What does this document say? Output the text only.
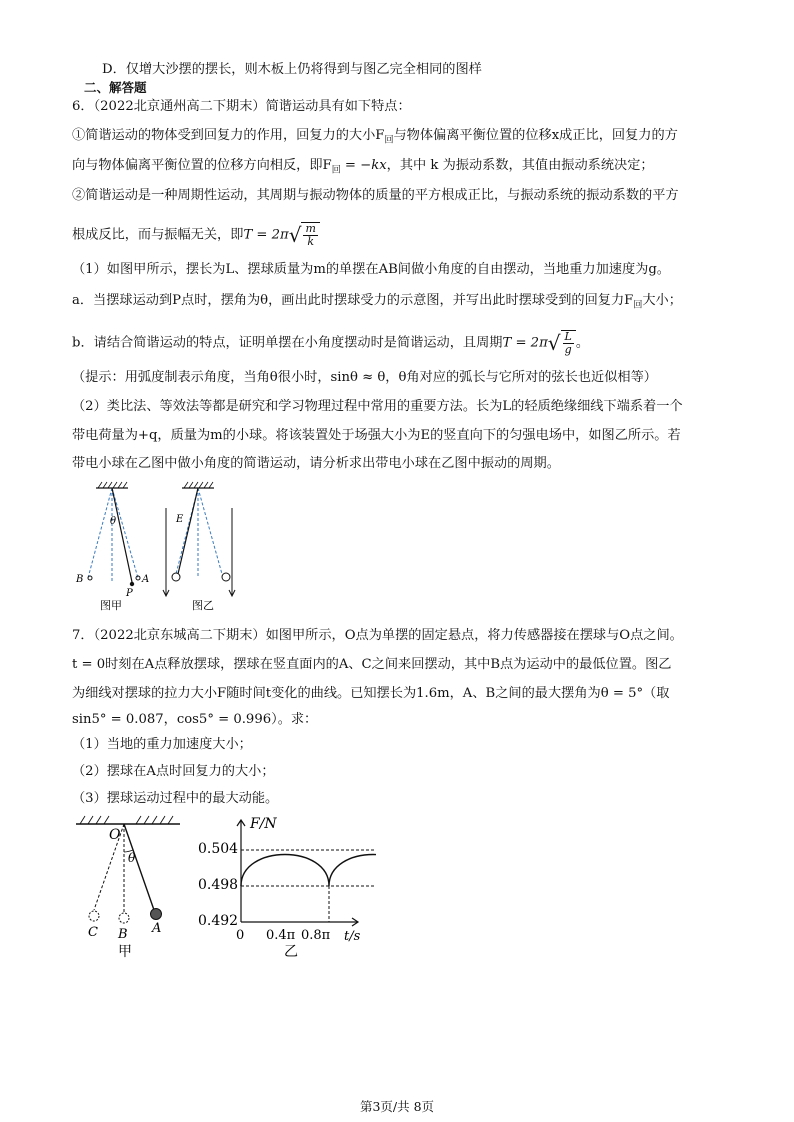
D．仅增大沙摆的摆长，则木板上仍将得到与图乙完全相同的图样
二、解答题
6．（2022北京通州高二下期末）简谐运动具有如下特点：
①简谐运动的物体受到回复力的作用，回复力的大小$F_回$与物体偏离平衡位置的位移x成正比，回复力的方
向与物体偏离平衡位置的位移方向相反，即$F_回 = -kx$，其中 k 为振动系数，其值由振动系统决定；
②简谐运动是一种周期性运动，其周期与振动物体的质量的平方根成正比，与振动系统的振动系数的平方
根成反比，而与振幅无关，即$T = 2\pi√ \frac{m}{k}$
（1）如图甲所示，摆长为L、摆球质量为m的单摆在AB间做小角度的自由摆动，当地重力加速度为g。
a．当摆球运动到P点时，摆角为θ，画出此时摆球受力的示意图，并写出此时摆球受到的回复力$F_回$大小；
b．请结合简谐运动的特点，证明单摆在小角度摆动时是简谐运动，且周期$T = 2\pi√ \frac{L}{g}$ 。
（提示：用弧度制表示角度，当角θ很小时，sinθ ≈ θ，θ角对应的弧长与它所对的弦长也近似相等）
（2）类比法、等效法等都是研究和学习物理过程中常用的重要方法。长为L的轻质绝缘细线下端系着一个
带电荷量为+q，质量为m的小球。将该装置处于场强大小为E的竖直向下的匀强电场中，如图乙所示。若
带电小球在乙图中做小角度的简谐运动，请分析求出带电小球在乙图中振动的周期。
θ
B	A
P
图甲
E
图乙
7．（2022北京东城高二下期末）如图甲所示，O点为单摆的固定悬点，将力传感器接在摆球与O点之间。
t = 0时刻在A点释放摆球，摆球在竖直面内的A、C之间来回摆动，其中B点为运动中的最低位置。图乙
为细线对摆球的拉力大小F随时间t变化的曲线。已知摆长为1.6m，A、B之间的最大摆角为θ = 5°（取
sin5° = 0.087，cos5° = 0.996）。求：
（1）当地的重力加速度大小；
（2）摆球在A点时回复力的大小；
（3）摆球运动过程中的最大动能。
O
θ
C B A
甲
F/N
t/s
0.492
0.498
0.504
0 0.4π 0.8π
乙
第3页/共 8页
